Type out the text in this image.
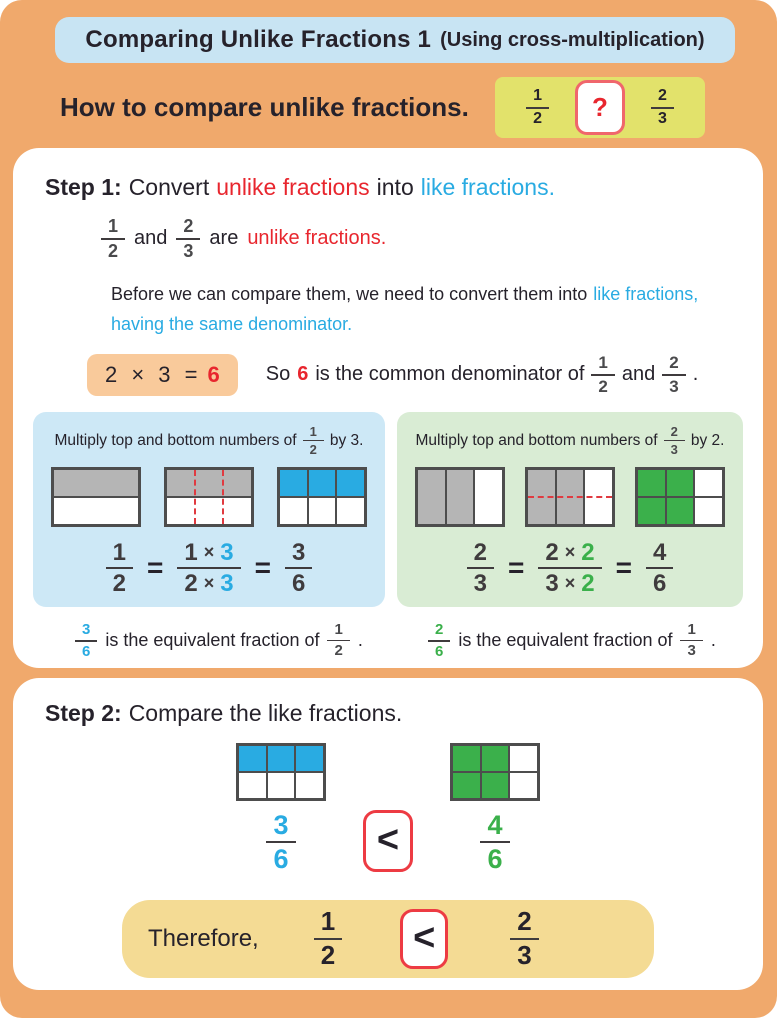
Comparing Unlike Fractions 1 (Using cross-multiplication)
How to compare unlike fractions.	$\frac{1}{2}$ ?	$\frac{2}{3}$
Step 1: Convert unlike fractions into like fractions.
$\frac{1}{2}$ and $\frac{2}{3}$ are unlike fractions.
Before we can compare them, we need to convert them into like fractions,
having the same denominator.
2 × 3 = 6 So 6 is the common denominator of $\frac{1}{2}$ and $\frac{2}{3}$ .
Multiply top and bottom numbers of $\frac{1}{2}$ by 3.
$\frac{1}{2} = \frac{1 \times 3}{2 \times 3} = \frac{3}{6}$
Multiply top and bottom numbers of $\frac{2}{3}$ by 2.
$\frac{2}{3} = \frac{2 \times 2}{3 \times 2} = \frac{4}{6}$
$\frac{3}{6}$ is the equivalent fraction of $\frac{1}{2}$ .	$\frac{2}{6}$ is the equivalent fraction of $\frac{1}{3}$ .
Step 2: Compare the like fractions.
$\frac{3}{6}$ <	$\frac{4}{6}$
Therefore, $\frac{1}{2}$ <	$\frac{2}{3}$
